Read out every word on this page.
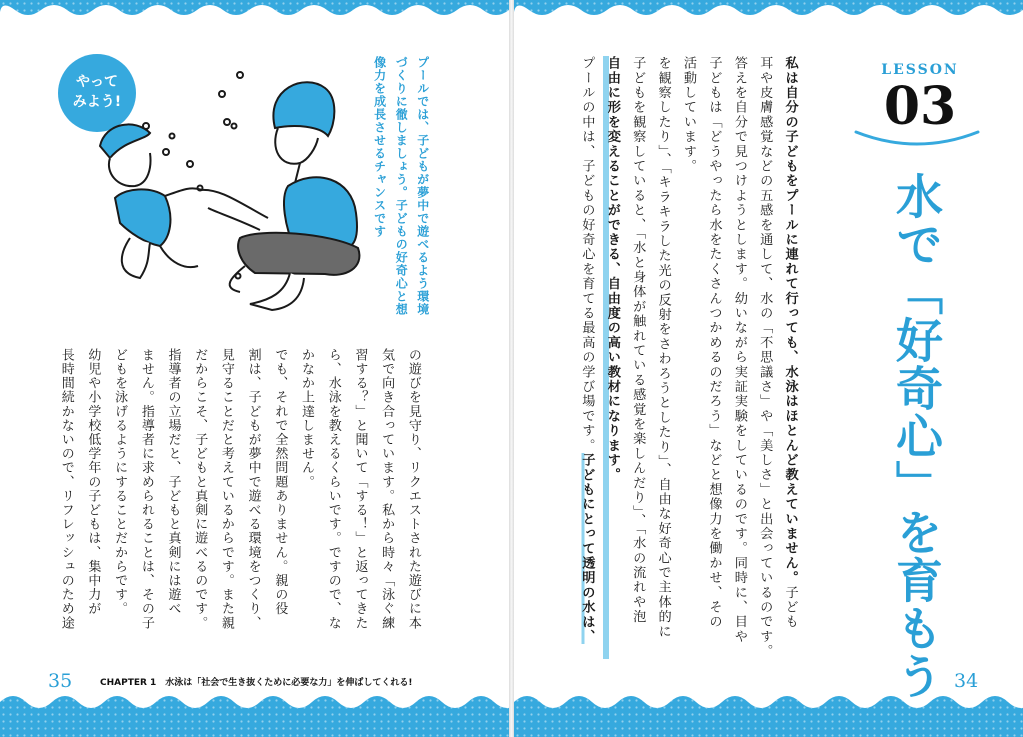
やって
みよう!	プールでは、子どもが夢中で遊べるよう環境
づくりに徹しましょう。子どもの好奇心と想
像力を成長させるチャンスです
の遊びを見守り、リクエストされた遊びに本
気で向き合っています。私から時々「泳ぐ練
習する？」と聞いて「する！」と返ってきた
ら、水泳を教えるくらいです。ですので、な
かなか上達しません。
でも、それで全然問題ありません。親の役
割は、子どもが夢中で遊べる環境をつくり、
見守ることだと考えているからです。また親
だからこそ、子どもと真剣に遊べるのです。
指導者の立場だと、子どもと真剣には遊べ
ません。指導者に求められることは、その子
どもを泳げるようにすることだからです。
幼児や小学校低学年の子どもは、集中力が
長時間続かないので、リフレッシュのため途
35	CHAPTER 1　水泳は「社会で生き抜くために必要な力」を伸ばしてくれる!
LESSON
03
水で「好奇心」を育もう
私は自分の子どもをプールに連れて行っても、水泳はほとんど教えていません。子ども
耳や皮膚感覚などの五感を通して、水の「不思議さ」や「美しさ」と出会っているのです。
答えを自分で見つけようとします。幼いながら実証実験をしているのです。同時に、目や
子どもは「どうやったら水をたくさんつかめるのだろう」などと想像力を働かせ、その
活動しています。
を観察したり」、「キラキラした光の反射をさわろうとしたり」、自由な好奇心で主体的に
子どもを観察していると、「水と身体が触れている感覚を楽しんだり」、「水の流れや泡
自由に形を変えることができる、自由度の高い教材になります。
プールの中は、子どもの好奇心を育てる最高の学び場です。子どもにとって透明の水は、
34
